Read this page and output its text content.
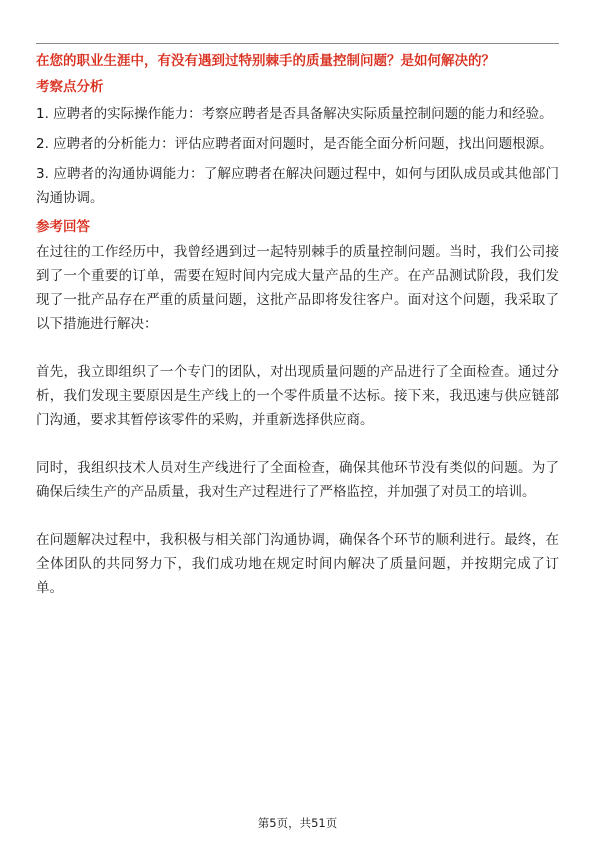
在您的职业生涯中，有没有遇到过特别棘手的质量控制问题？是如何解决的？

考察点分析

1. 应聘者的实际操作能力：考察应聘者是否具备解决实际质量控制问题的能力和经验。

2. 应聘者的分析能力：评估应聘者面对问题时，是否能全面分析问题，找出问题根源。

3. 应聘者的沟通协调能力：了解应聘者在解决问题过程中，如何与团队成员或其他部门沟通协调。

参考回答

在过往的工作经历中，我曾经遇到过一起特别棘手的质量控制问题。当时，我们公司接到了一个重要的订单，需要在短时间内完成大量产品的生产。在产品测试阶段，我们发现了一批产品存在严重的质量问题，这批产品即将发往客户。面对这个问题，我采取了以下措施进行解决：

首先，我立即组织了一个专门的团队，对出现质量问题的产品进行了全面检查。通过分析，我们发现主要原因是生产线上的一个零件质量不达标。接下来，我迅速与供应链部门沟通，要求其暂停该零件的采购，并重新选择供应商。

同时，我组织技术人员对生产线进行了全面检查，确保其他环节没有类似的问题。为了确保后续生产的产品质量，我对生产过程进行了严格监控，并加强了对员工的培训。

在问题解决过程中，我积极与相关部门沟通协调，确保各个环节的顺利进行。最终，在全体团队的共同努力下，我们成功地在规定时间内解决了质量问题，并按期完成了订单。

第5页，共51页
